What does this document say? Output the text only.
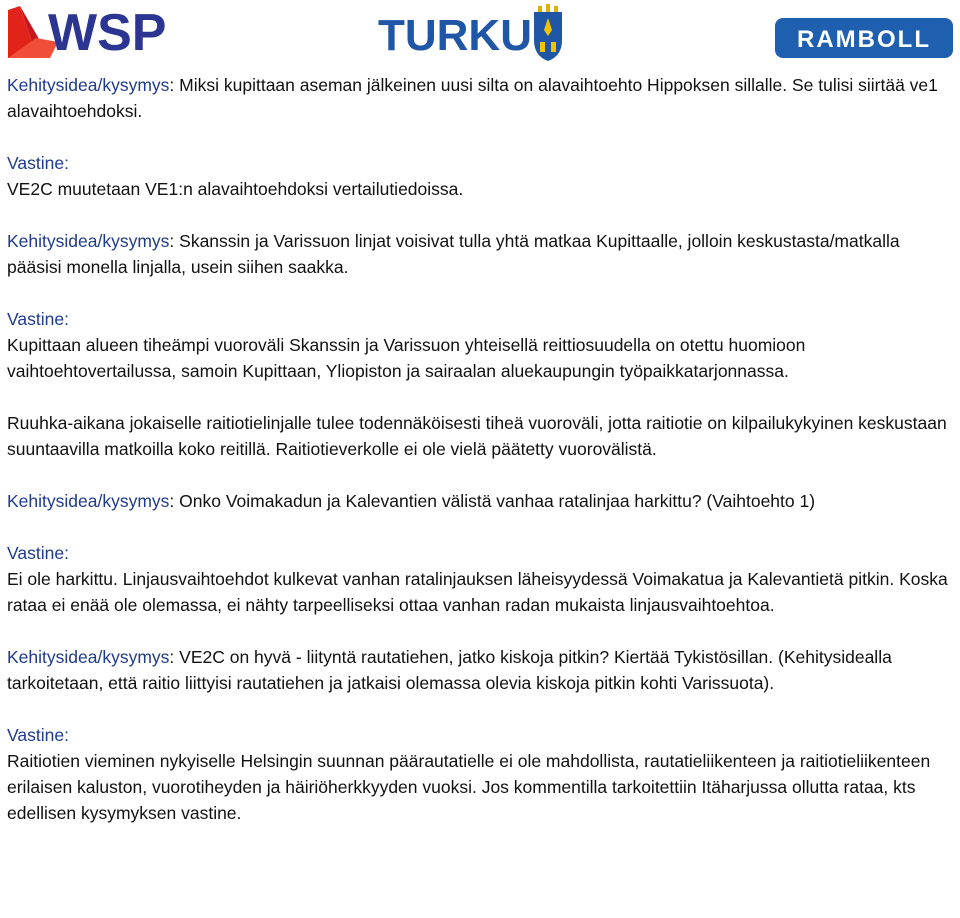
WSP	TURKU	RAMBOLL

Kehitysidea/kysymys: Miksi kupittaan aseman jälkeinen uusi silta on alavaihtoehto Hippoksen sillalle. Se tulisi siirtää ve1 alavaihtoehdoksi.

Vastine:

VE2C muutetaan VE1:n alavaihtoehdoksi vertailutiedoissa.

Kehitysidea/kysymys: Skanssin ja Varissuon linjat voisivat tulla yhtä matkaa Kupittaalle, jolloin keskustasta/matkalla pääsisi monella linjalla, usein siihen saakka.

Vastine:

Kupittaan alueen tiheämpi vuoroväli Skanssin ja Varissuon yhteisellä reittiosuudella on otettu huomioon vaihtoehtovertailussa, samoin Kupittaan, Yliopiston ja sairaalan aluekaupungin työpaikkatarjonnassa.

Ruuhka-aikana jokaiselle raitiotielinjalle tulee todennäköisesti tiheä vuoroväli, jotta raitiotie on kilpailukykyinen keskustaan suuntaavilla matkoilla koko reitillä. Raitiotieverkolle ei ole vielä päätetty vuorovälistä.

Kehitysidea/kysymys: Onko Voimakadun ja Kalevantien välistä vanhaa ratalinjaa harkittu? (Vaihtoehto 1)

Vastine:

Ei ole harkittu. Linjausvaihtoehdot kulkevat vanhan ratalinjauksen läheisyydessä Voimakatua ja Kalevantietä pitkin. Koska rataa ei enää ole olemassa, ei nähty tarpeelliseksi ottaa vanhan radan mukaista linjausvaihtoehtoa.

Kehitysidea/kysymys: VE2C on hyvä - liityntä rautatiehen, jatko kiskoja pitkin? Kiertää Tykistösillan. (Kehitysidealla tarkoitetaan, että raitio liittyisi rautatiehen ja jatkaisi olemassa olevia kiskoja pitkin kohti Varissuota).

Vastine:

Raitiotien vieminen nykyiselle Helsingin suunnan päärautatielle ei ole mahdollista, rautatieliikenteen ja raitiotieliikenteen erilaisen kaluston, vuorotiheyden ja häiriöherkkyyden vuoksi. Jos kommentilla tarkoitettiin Itäharjussa ollutta rataa, kts edellisen kysymyksen vastine.
